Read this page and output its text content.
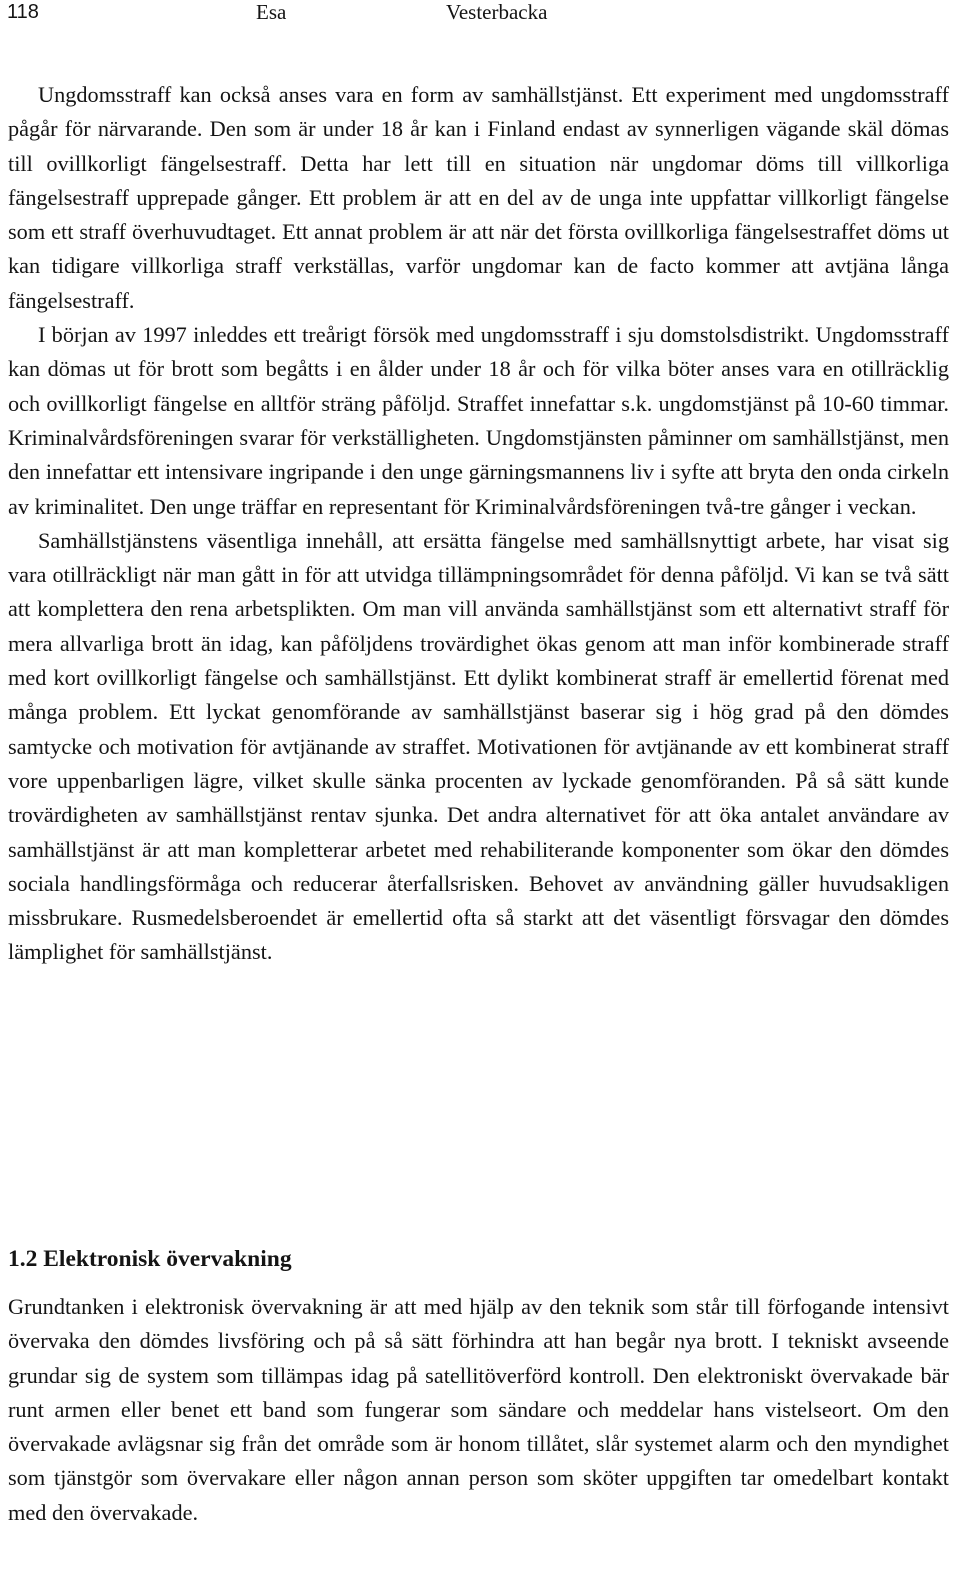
118	Esa	Vesterbacka

Ungdomsstraff kan också anses vara en form av samhällstjänst. Ett experiment med ungdomsstraff pågår för närvarande. Den som är under 18 år kan i Finland endast av synnerligen vägande skäl dömas till ovillkorligt fängelsestraff. Detta har lett till en situation när ungdomar döms till villkorliga fängelsestraff upprepade gånger. Ett problem är att en del av de unga inte uppfattar villkorligt fängelse som ett straff överhuvudtaget. Ett annat problem är att när det första ovillkorliga fängelsestraffet döms ut kan tidigare villkorliga straff verkställas, varför ungdomar kan de facto kommer att avtjäna långa fängelsestraff.

I början av 1997 inleddes ett treårigt försök med ungdomsstraff i sju domstolsdistrikt. Ungdomsstraff kan dömas ut för brott som begåtts i en ålder under 18 år och för vilka böter anses vara en otillräcklig och ovillkorligt fängelse en alltför sträng påföljd. Straffet innefattar s.k. ungdomstjänst på 10-60 timmar. Kriminalvårdsföreningen svarar för verkställigheten. Ungdomstjänsten påminner om samhällstjänst, men den innefattar ett intensivare ingripande i den unge gärningsmannens liv i syfte att bryta den onda cirkeln av kriminalitet. Den unge träffar en representant för Kriminalvårdsföreningen två-tre gånger i veckan.

Samhällstjänstens väsentliga innehåll, att ersätta fängelse med samhällsnyttigt arbete, har visat sig vara otillräckligt när man gått in för att utvidga tillämpningsområdet för denna påföljd. Vi kan se två sätt att komplettera den rena arbetsplikten. Om man vill använda samhällstjänst som ett alternativt straff för mera allvarliga brott än idag, kan påföljdens trovärdighet ökas genom att man inför kombinerade straff med kort ovillkorligt fängelse och samhällstjänst. Ett dylikt kombinerat straff är emellertid förenat med många problem. Ett lyckat genomförande av samhällstjänst baserar sig i hög grad på den dömdes samtycke och motivation för avtjänande av straffet. Motivationen för avtjänande av ett kombinerat straff vore uppenbarligen lägre, vilket skulle sänka procenten av lyckade genomföranden. På så sätt kunde trovärdigheten av samhällstjänst rentav sjunka. Det andra alternativet för att öka antalet användare av samhällstjänst är att man kompletterar arbetet med rehabiliterande komponenter som ökar den dömdes sociala handlingsförmåga och reducerar återfallsrisken. Behovet av användning gäller huvudsakligen missbrukare. Rusmedelsberoendet är emellertid ofta så starkt att det väsentligt försvagar den dömdes lämplighet för samhällstjänst.

1.2 Elektronisk övervakning

Grundtanken i elektronisk övervakning är att med hjälp av den teknik som står till förfogande intensivt övervaka den dömdes livsföring och på så sätt förhindra att han begår nya brott. I tekniskt avseende grundar sig de system som tillämpas idag på satellitöverförd kontroll. Den elektroniskt övervakade bär runt armen eller benet ett band som fungerar som sändare och meddelar hans vistelseort. Om den övervakade avlägsnar sig från det område som är honom tillåtet, slår systemet alarm och den myndighet som tjänstgör som övervakare eller någon annan person som sköter uppgiften tar omedelbart kontakt med den övervakade.
